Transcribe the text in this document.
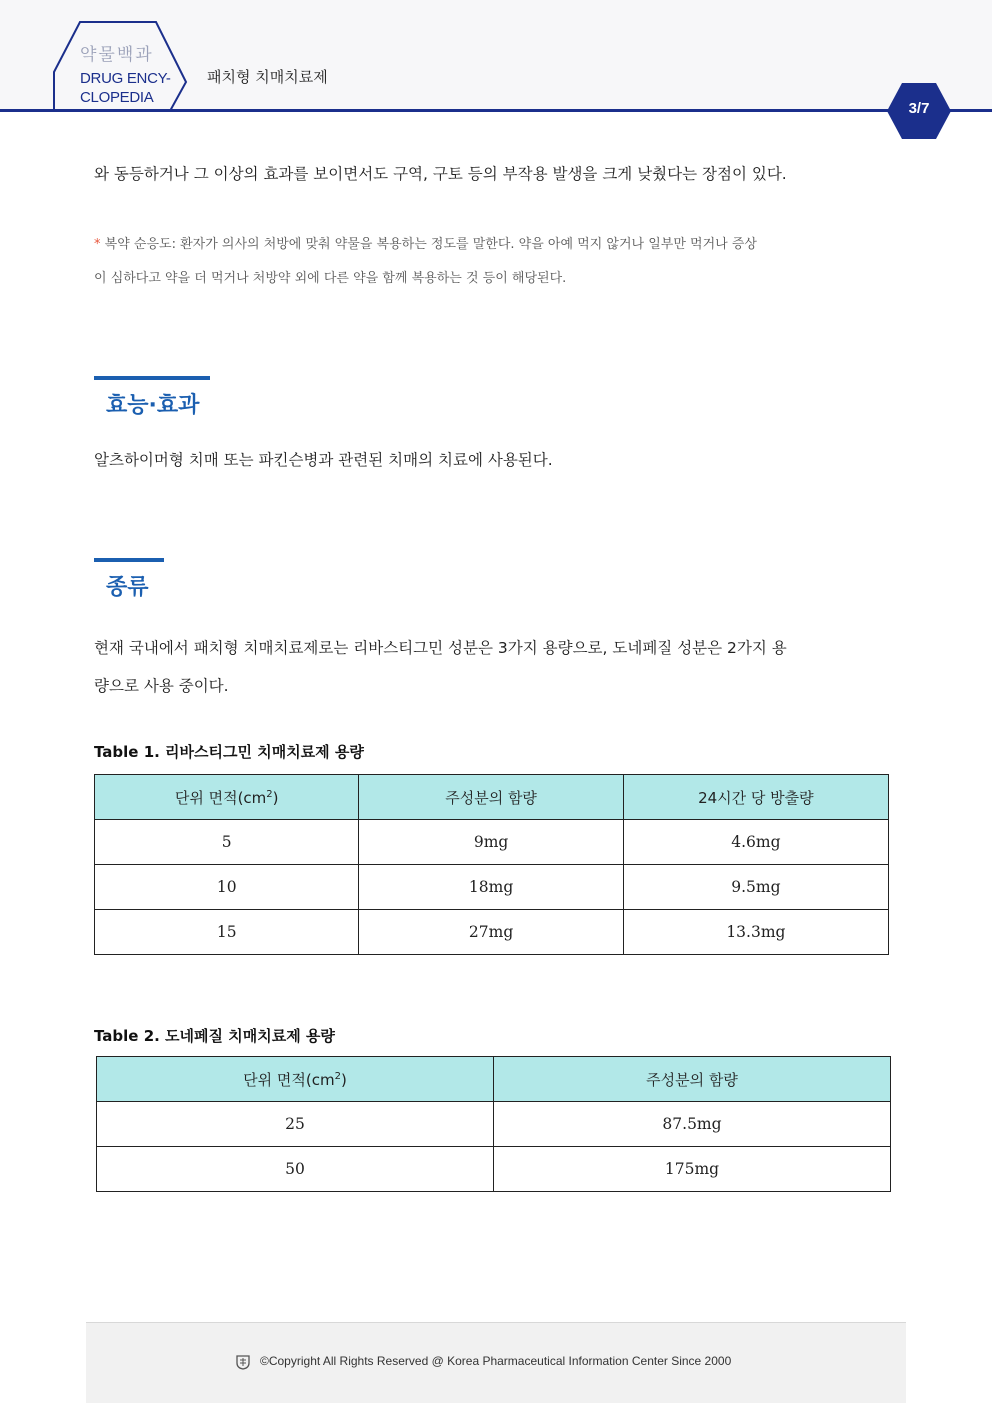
약물백과
DRUG ENCY-
CLOPEDIA
패치형 치매치료제
3/7
와 동등하거나 그 이상의 효과를 보이면서도 구역, 구토 등의 부작용 발생을 크게 낮췄다는 장점이 있다.
* 복약 순응도: 환자가 의사의 처방에 맞춰 약물을 복용하는 정도를 말한다. 약을 아예 먹지 않거나 일부만 먹거나 증상
이 심하다고 약을 더 먹거나 처방약 외에 다른 약을 함께 복용하는 것 등이 해당된다.
효능·효과
알츠하이머형 치매 또는 파킨슨병과 관련된 치매의 치료에 사용된다.
종류
현재 국내에서 패치형 치매치료제로는 리바스티그민 성분은 3가지 용량으로, 도네페질 성분은 2가지 용
량으로 사용 중이다.
Table 1. 리바스티그민 치매치료제 용량
단위 면적$(cm^2)$	주성분의 함량	24시간 당 방출량
5	9mg	4.6mg
10	18mg	9.5mg
15	27mg	13.3mg
Table 2. 도네페질 치매치료제 용량
단위 면적$(cm^2)$	주성분의 함량
25	87.5mg
50	175mg
©Copyright All Rights Reserved @ Korea Pharmaceutical Information Center Since 2000
